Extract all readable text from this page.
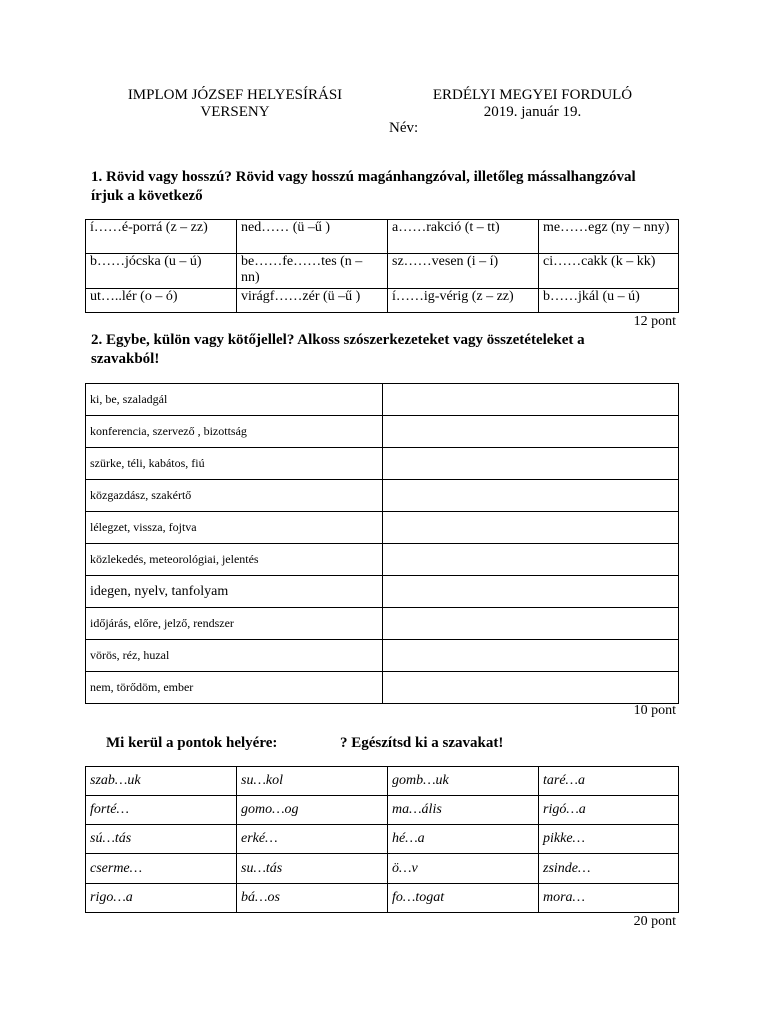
IMPLOM JÓZSEF HELYESÍRÁSI
VERSENY
ERDÉLYI MEGYEI FORDULÓ
2019. január 19.
Név:
1. Rövid vagy hosszú? Rövid vagy hosszú magánhangzóval, illetőleg mássalhangzóval
írjuk a következő
í……é-porrá (z – zz)	ned…… (ü –ű )	a……rakció (t – tt)	me……egz (ny – nny)
b……jócska (u – ú)	be……fe……tes (n – nn)	sz……vesen (i – í)	ci……cakk (k – kk)
ut…..lér (o – ó)	virágf……zér (ü –ű )	í……ig-vérig (z – zz)	b……jkál (u – ú)
12 pont
2. Egybe, külön vagy kötőjellel? Alkoss szószerkezeteket vagy összetételeket a
szavakból!
ki, be, szaladgál	
konferencia, szervező , bizottság	
szürke, téli, kabátos, fiú	
közgazdász, szakértő	
lélegzet, vissza, fojtva	
közlekedés, meteorológiai, jelentés	
idegen, nyelv, tanfolyam	
időjárás, előre, jelző, rendszer	
vörös, réz, huzal	
nem, törődöm, ember	
10 pont
Mi kerül a pontok helyére:	? Egészítsd ki a szavakat!
szab…uk	su…kol	gomb…uk	taré…a
forté…	gomo…og	ma…ális	rigó…a
sú…tás	erké…	hé…a	pikke…
cserme…	su…tás	ö…v	zsinde…
rigo…a	bá…os	fo…togat	mora…
20 pont
